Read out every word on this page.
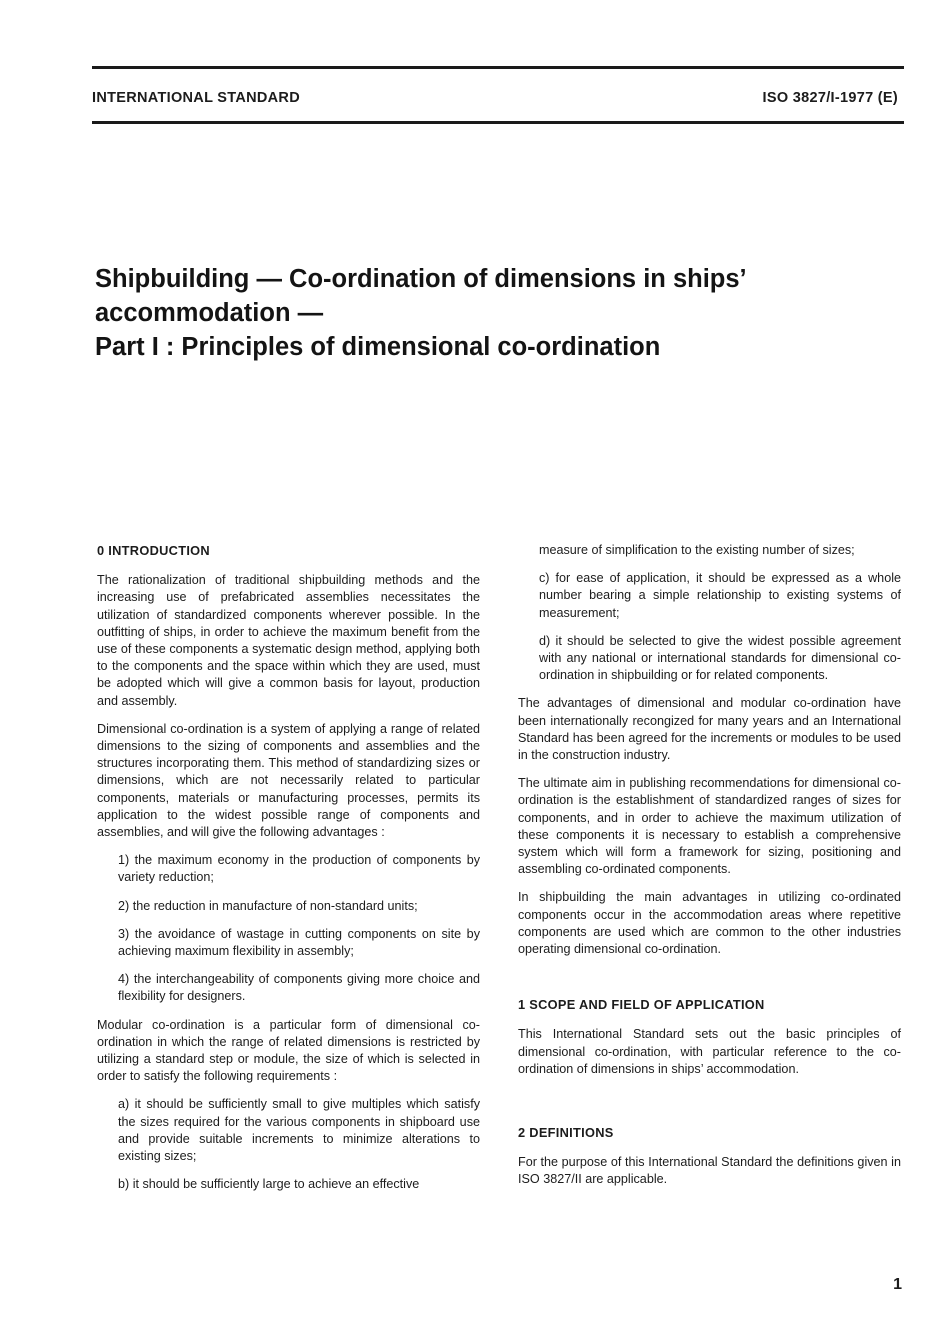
INTERNATIONAL STANDARD	ISO 3827/I-1977 (E)
Shipbuilding — Co-ordination of dimensions in ships’
accommodation —
Part I : Principles of dimensional co-ordination
0 INTRODUCTION

The rationalization of traditional shipbuilding methods and the increasing use of prefabricated assemblies necessitates the utilization of standardized components wherever possible. In the outfitting of ships, in order to achieve the maximum benefit from the use of these components a systematic design method, applying both to the components and the space within which they are used, must be adopted which will give a common basis for layout, production and assembly.

Dimensional co-ordination is a system of applying a range of related dimensions to the sizing of components and assemblies and the structures incorporating them. This method of standardizing sizes or dimensions, which are not necessarily related to particular components, materials or manufacturing processes, permits its application to the widest possible range of components and assemblies, and will give the following advantages :

1) the maximum economy in the production of components by variety reduction;

2) the reduction in manufacture of non-standard units;

3) the avoidance of wastage in cutting components on site by achieving maximum flexibility in assembly;

4) the interchangeability of components giving more choice and flexibility for designers.

Modular co-ordination is a particular form of dimensional co-ordination in which the range of related dimensions is restricted by utilizing a standard step or module, the size of which is selected in order to satisfy the following requirements :

a) it should be sufficiently small to give multiples which satisfy the sizes required for the various components in shipboard use and provide suitable increments to minimize alterations to existing sizes;

b) it should be sufficiently large to achieve an effective

measure of simplification to the existing number of sizes;

c) for ease of application, it should be expressed as a whole number bearing a simple relationship to existing systems of measurement;

d) it should be selected to give the widest possible agreement with any national or international standards for dimensional co-ordination in shipbuilding or for related components.

The advantages of dimensional and modular co-ordination have been internationally recongized for many years and an International Standard has been agreed for the increments or modules to be used in the construction industry.

The ultimate aim in publishing recommendations for dimensional co-ordination is the establishment of standardized ranges of sizes for components, and in order to achieve the maximum utilization of these components it is necessary to establish a comprehensive system which will form a framework for sizing, positioning and assembling co-ordinated components.

In shipbuilding the main advantages in utilizing co-ordinated components occur in the accommodation areas where repetitive components are used which are common to the other industries operating dimensional co-ordination.

1 SCOPE AND FIELD OF APPLICATION

This International Standard sets out the basic principles of dimensional co-ordination, with particular reference to the co-ordination of dimensions in ships’ accommodation.

2 DEFINITIONS

For the purpose of this International Standard the definitions given in ISO 3827/II are applicable.

1
